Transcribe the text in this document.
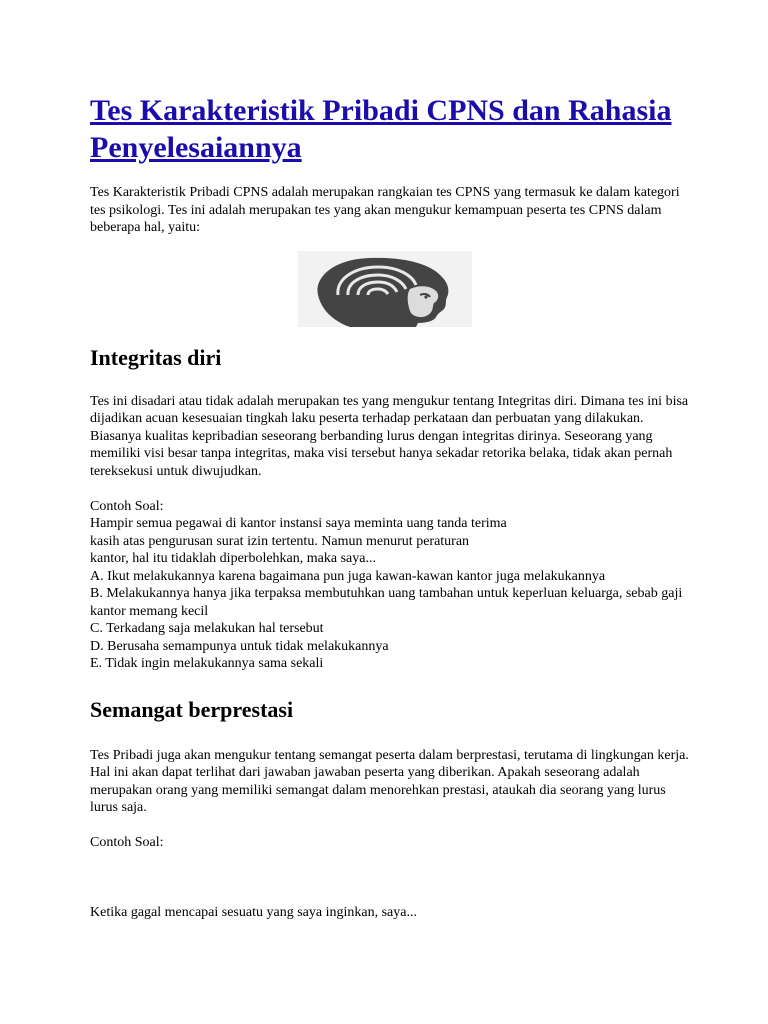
Tes Karakteristik Pribadi CPNS dan Rahasia Penyelesaiannya

Tes Karakteristik Pribadi CPNS adalah merupakan rangkaian tes CPNS yang termasuk ke dalam kategori tes psikologi. Tes ini adalah merupakan tes yang akan mengukur kemampuan peserta tes CPNS dalam beberapa hal, yaitu:

Integritas diri

Tes ini disadari atau tidak adalah merupakan tes yang mengukur tentang Integritas diri. Dimana tes ini bisa dijadikan acuan kesesuaian tingkah laku peserta terhadap perkataan dan perbuatan yang dilakukan. Biasanya kualitas kepribadian seseorang berbanding lurus dengan integritas dirinya. Seseorang yang memiliki visi besar tanpa integritas, maka visi tersebut hanya sekadar retorika belaka, tidak akan pernah tereksekusi untuk diwujudkan.

Contoh Soal:

Hampir semua pegawai di kantor instansi saya meminta uang tanda terima

kasih atas pengurusan surat izin tertentu. Namun menurut peraturan

kantor, hal itu tidaklah diperbolehkan, maka saya...

A. Ikut melakukannya karena bagaimana pun juga kawan-kawan kantor juga melakukannya

B. Melakukannya hanya jika terpaksa membutuhkan uang tambahan untuk keperluan keluarga, sebab gaji kantor memang kecil

C. Terkadang saja melakukan hal tersebut

D. Berusaha semampunya untuk tidak melakukannya

E. Tidak ingin melakukannya sama sekali

Semangat berprestasi

Tes Pribadi juga akan mengukur tentang semangat peserta dalam berprestasi, terutama di lingkungan kerja. Hal ini akan dapat terlihat dari jawaban jawaban peserta yang diberikan. Apakah seseorang adalah merupakan orang yang memiliki semangat dalam menorehkan prestasi, ataukah dia seorang yang lurus lurus saja.

Contoh Soal:

Ketika gagal mencapai sesuatu yang saya inginkan, saya...
